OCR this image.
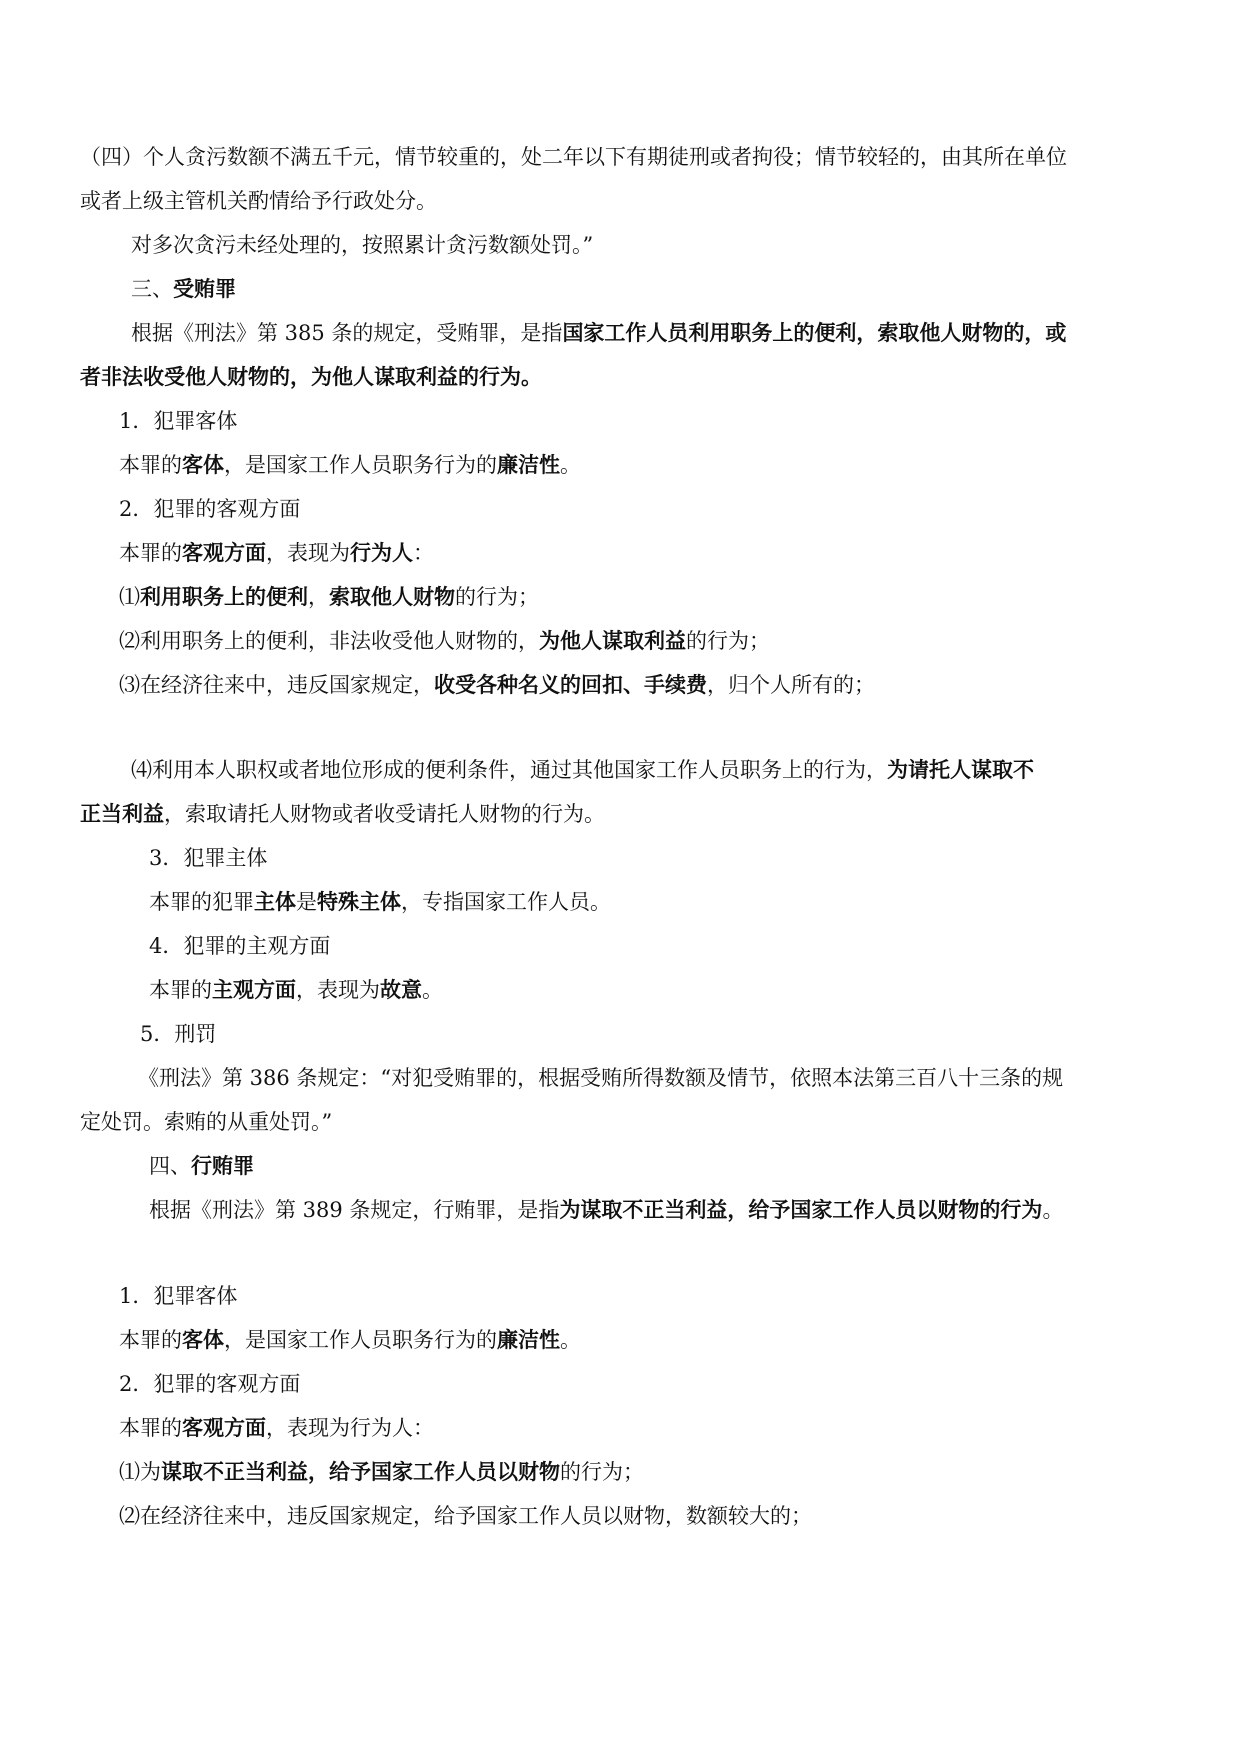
（四）个人贪污数额不满五千元，情节较重的，处二年以下有期徒刑或者拘役；情节较轻的，由其所在单位
或者上级主管机关酌情给予行政处分。
对多次贪污未经处理的，按照累计贪污数额处罚。”
三、受贿罪
根据《刑法》第 385 条的规定，受贿罪，是指国家工作人员利用职务上的便利，索取他人财物的，或
者非法收受他人财物的，为他人谋取利益的行为。
1．犯罪客体
本罪的客体，是国家工作人员职务行为的廉洁性。
2．犯罪的客观方面
本罪的客观方面，表现为行为人：
⑴利用职务上的便利，索取他人财物的行为；
⑵利用职务上的便利，非法收受他人财物的，为他人谋取利益的行为；
⑶在经济往来中，违反国家规定，收受各种名义的回扣、手续费，归个人所有的；
⑷利用本人职权或者地位形成的便利条件，通过其他国家工作人员职务上的行为，为请托人谋取不
正当利益，索取请托人财物或者收受请托人财物的行为。
3．犯罪主体
本罪的犯罪主体是特殊主体，专指国家工作人员。
4．犯罪的主观方面
本罪的主观方面，表现为故意。
5．刑罚
《刑法》第 386 条规定：“对犯受贿罪的，根据受贿所得数额及情节，依照本法第三百八十三条的规
定处罚。索贿的从重处罚。”
四、行贿罪
根据《刑法》第 389 条规定，行贿罪，是指为谋取不正当利益，给予国家工作人员以财物的行为。
1．犯罪客体
本罪的客体，是国家工作人员职务行为的廉洁性。
2．犯罪的客观方面
本罪的客观方面，表现为行为人：
⑴为谋取不正当利益，给予国家工作人员以财物的行为；
⑵在经济往来中，违反国家规定，给予国家工作人员以财物，数额较大的；
